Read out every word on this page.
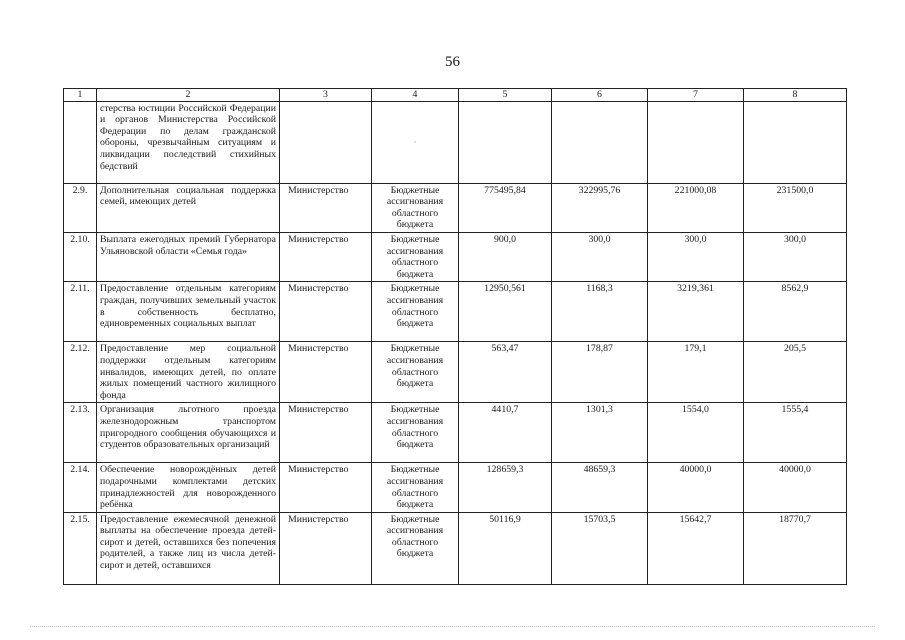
56
1	2	3	4	5	6	7	8
	стерства юстиции Российской Федерации и органов Министерства Российской Федерации по делам гражданской обороны, чрезвычайным ситуациям и ликвидации последствий стихийных бедствий		·				
2.9.	Дополнительная социальная поддержка семей, имеющих детей	Министерство	Бюджетные ассигнования областного бюджета	775495,84	322995,76	221000,08	231500,0
2.10.	Выплата ежегодных премий Губернатора Ульяновской области «Семья года»	Министерство	Бюджетные ассигнования областного бюджета	900,0	300,0	300,0	300,0
2.11.	Предоставление отдельным категориям граждан, получивших земельный участок в собственность бесплатно, единовременных социальных выплат	Министерство	Бюджетные ассигнования областного бюджета	12950,561	1168,3	3219,361	8562,9
2.12.	Предоставление мер социальной поддержки отдельным категориям инвалидов, имеющих детей, по оплате жилых помещений частного жилищного фонда	Министерство	Бюджетные ассигнования областного бюджета	563,47	178,87	179,1	205,5
2.13.	Организация льготного проезда железнодорожным транспортом пригородного сообщения обучающихся и студентов образовательных организаций	Министерство	Бюджетные ассигнования областного бюджета	4410,7	1301,3	1554,0	1555,4
2.14.	Обеспечение новорождённых детей подарочными комплектами детских принадлежностей для новорожденного ребёнка	Министерство	Бюджетные ассигнования областного бюджета	128659,3	48659,3	40000,0	40000,0
2.15.	Предоставление ежемесячной денежной выплаты на обеспечение проезда детей-сирот и детей, оставшихся без попечения родителей, а также лиц из числа детей-сирот и детей, оставшихся	Министерство	Бюджетные ассигнования областного бюджета	50116,9	15703,5	15642,7	18770,7
